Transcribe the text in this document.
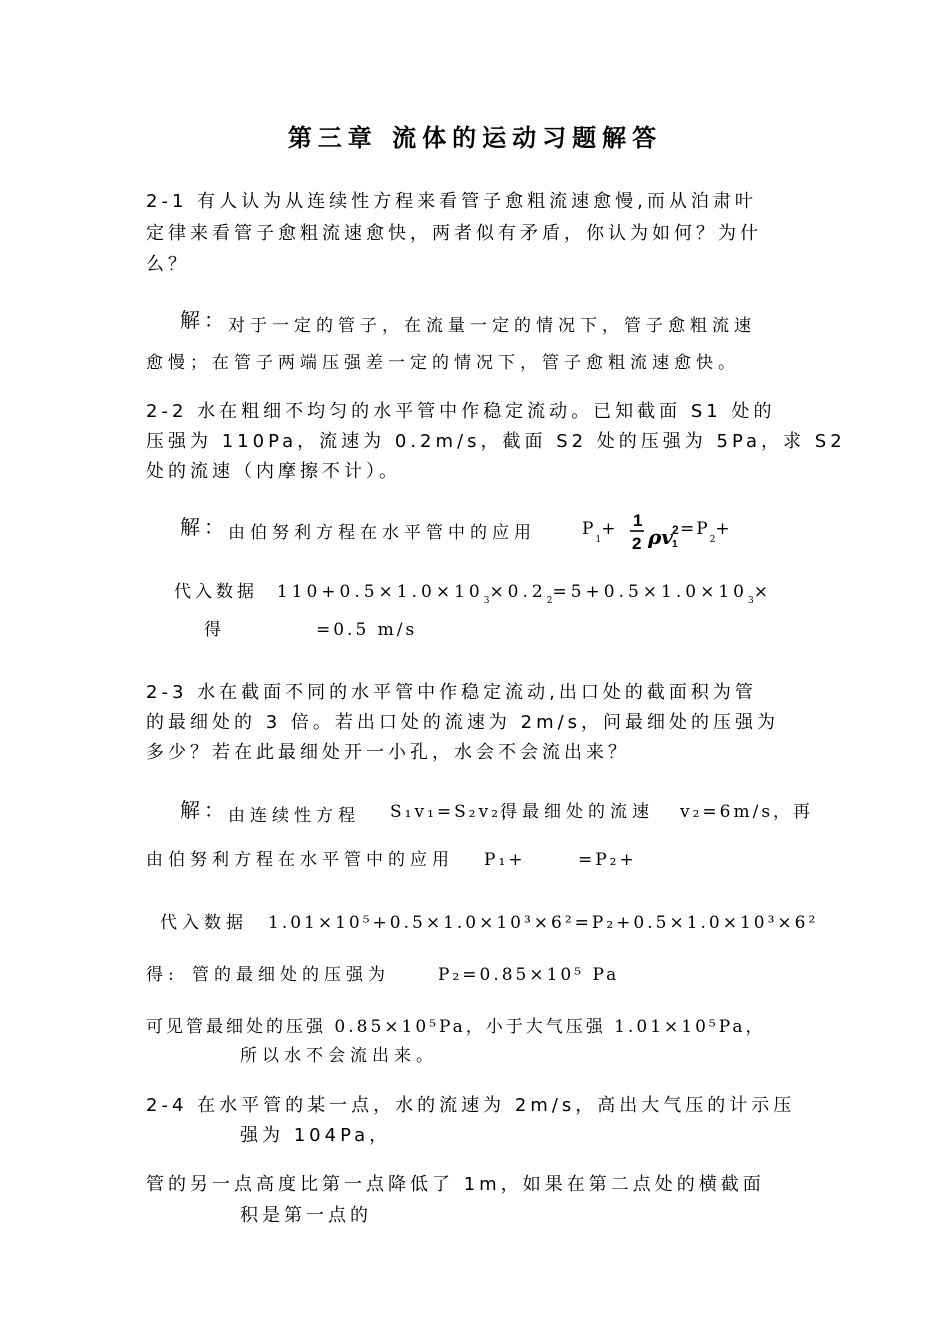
第三章 流体的运动习题解答

2-1 有人认为从连续性方程来看管子愈粗流速愈慢,而从泊肃叶

定律来看管子愈粗流速愈快，两者似有矛盾，你认为如何？为什

么？

解：对于一定的管子，在流量一定的情况下，管子愈粗流速

愈慢；在管子两端压强差一定的情况下，管子愈粗流速愈快。

2-2 水在粗细不均匀的水平管中作稳定流动。已知截面 S1 处的

压强为 110Pa，流速为 0.2m/s，截面 S2 处的压强为 5Pa，求 S2

处的流速（内摩擦不计）。

解：由伯努利方程在水平管中的应用	$P_1+ 1$
2 ρv 2
1

$=P_2+$

代入数据 $110+0.5\times 1.0\times 10_3\times 0.2_2=5+0.5\times 1.0\times 10_3\times$

得	=0.5 m/s

2-3 水在截面不同的水平管中作稳定流动,出口处的截面积为管

的最细处的 3 倍。若出口处的流速为 2m/s，问最细处的压强为

多少？若在此最细处开一小孔，水会不会流出来？

解：由连续性方程 S₁v₁=S₂v₂，

得最细处的流速 v₂=6m/s，再

由伯努利方程在水平管中的应用 P₁+	=P₂+

代入数据 1.01×10⁵+0.5×1.0×10³×6²=P₂+0.5×1.0×10³×6²

得: 管的最细处的压强为	P₂=0.85×10⁵ Pa

可见管最细处的压强 0.85×10⁵Pa，小于大气压强 1.01×10⁵Pa，

所以水不会流出来。

2-4 在水平管的某一点，水的流速为 2m/s，高出大气压的计示压

强为 104Pa，

管的另一点高度比第一点降低了 1m，如果在第二点处的横截面

积是第一点的
